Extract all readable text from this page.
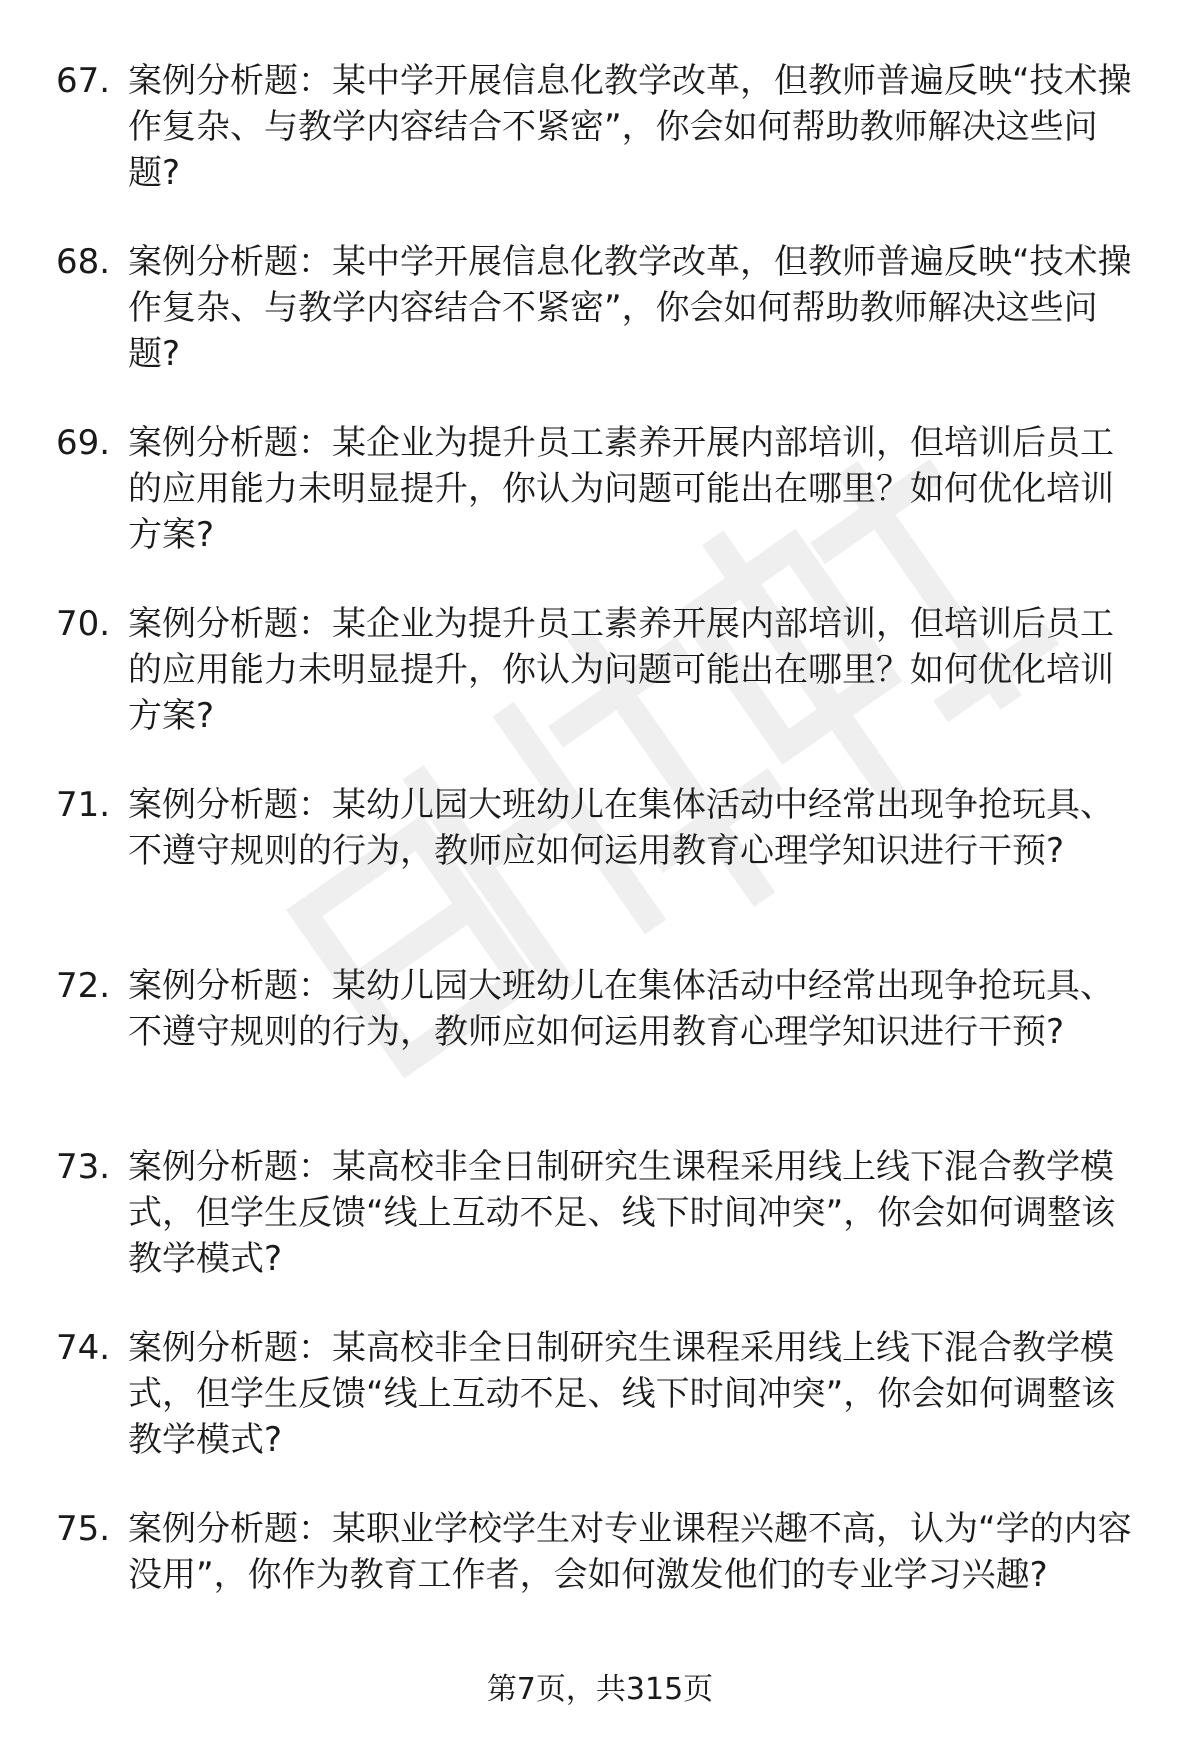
67. 案例分析题：某中学开展信息化教学改革，但教师普遍反映“技术操作复杂、与教学内容结合不紧密”，你会如何帮助教师解决这些问题?

68. 案例分析题：某中学开展信息化教学改革，但教师普遍反映“技术操作复杂、与教学内容结合不紧密”，你会如何帮助教师解决这些问题?

69. 案例分析题：某企业为提升员工素养开展内部培训，但培训后员工的应用能力未明显提升，你认为问题可能出在哪里？如何优化培训方案?

70. 案例分析题：某企业为提升员工素养开展内部培训，但培训后员工的应用能力未明显提升，你认为问题可能出在哪里？如何优化培训方案?

71. 案例分析题：某幼儿园大班幼儿在集体活动中经常出现争抢玩具、不遵守规则的行为，教师应如何运用教育心理学知识进行干预?

72. 案例分析题：某幼儿园大班幼儿在集体活动中经常出现争抢玩具、不遵守规则的行为，教师应如何运用教育心理学知识进行干预?

73. 案例分析题：某高校非全日制研究生课程采用线上线下混合教学模式，但学生反馈“线上互动不足、线下时间冲突”，你会如何调整该教学模式?

74. 案例分析题：某高校非全日制研究生课程采用线上线下混合教学模式，但学生反馈“线上互动不足、线下时间冲突”，你会如何调整该教学模式?

75. 案例分析题：某职业学校学生对专业课程兴趣不高，认为“学的内容没用”，你作为教育工作者，会如何激发他们的专业学习兴趣?

第7页，共315页
